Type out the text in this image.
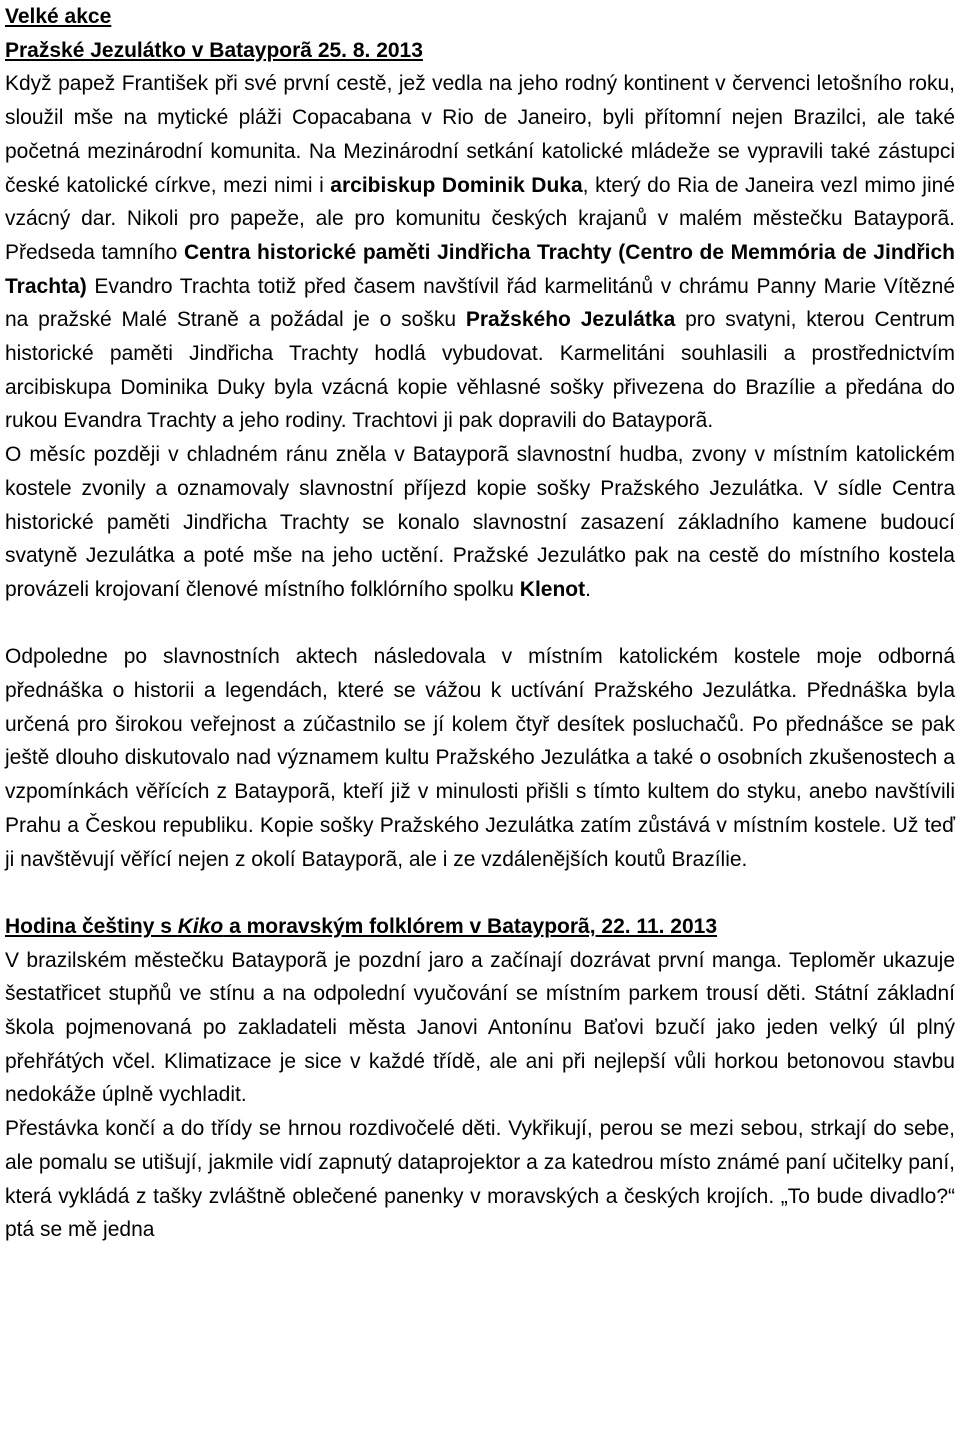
Velké akce
Pražské Jezulátko v Batayporã 25. 8. 2013

Když papež František při své první cestě, jež vedla na jeho rodný kontinent v červenci letošního roku, sloužil mše na mytické pláži Copacabana v Rio de Janeiro, byli přítomní nejen Brazilci, ale také početná mezinárodní komunita. Na Mezinárodní setkání katolické mládeže se vypravili také zástupci české katolické církve, mezi nimi i arcibiskup Dominik Duka, který do Ria de Janeira vezl mimo jiné vzácný dar. Nikoli pro papeže, ale pro komunitu českých krajanů v malém městečku Batayporã. Předseda tamního Centra historické paměti Jindřicha Trachty (Centro de Memmória de Jindřich Trachta) Evandro Trachta totiž před časem navštívil řád karmelitánů v chrámu Panny Marie Vítězné na pražské Malé Straně a požádal je o sošku Pražského Jezulátka pro svatyni, kterou Centrum historické paměti Jindřicha Trachty hodlá vybudovat. Karmelitáni souhlasili a prostřednictvím arcibiskupa Dominika Duky byla vzácná kopie věhlasné sošky přivezena do Brazílie a předána do rukou Evandra Trachty a jeho rodiny. Trachtovi ji pak dopravili do Batayporã.

O měsíc později v chladném ránu zněla v Batayporã slavnostní hudba, zvony v místním katolickém kostele zvonily a oznamovaly slavnostní příjezd kopie sošky Pražského Jezulátka. V sídle Centra historické paměti Jindřicha Trachty se konalo slavnostní zasazení základního kamene budoucí svatyně Jezulátka a poté mše na jeho uctění. Pražské Jezulátko pak na cestě do místního kostela provázeli krojovaní členové místního folklórního spolku Klenot.

Odpoledne po slavnostních aktech následovala v místním katolickém kostele moje odborná přednáška o historii a legendách, které se vážou k uctívání Pražského Jezulátka. Přednáška byla určená pro širokou veřejnost a zúčastnilo se jí kolem čtyř desítek posluchačů. Po přednášce se pak ještě dlouho diskutovalo nad významem kultu Pražského Jezulátka a také o osobních zkušenostech a vzpomínkách věřících z Batayporã, kteří již v minulosti přišli s tímto kultem do styku, anebo navštívili Prahu a Českou republiku. Kopie sošky Pražského Jezulátka zatím zůstává v místním kostele. Už teď ji navštěvují věřící nejen z okolí Batayporã, ale i ze vzdálenějších koutů Brazílie.

Hodina češtiny s Kiko a moravským folklórem v Batayporã, 22. 11. 2013

V brazilském městečku Batayporã je pozdní jaro a začínají dozrávat první manga. Teploměr ukazuje šestatřicet stupňů ve stínu a na odpolední vyučování se místním parkem trousí děti. Státní základní škola pojmenovaná po zakladateli města Janovi Antonínu Baťovi bzučí jako jeden velký úl plný přehřátých včel. Klimatizace je sice v každé třídě, ale ani při nejlepší vůli horkou betonovou stavbu nedokáže úplně vychladit.

Přestávka končí a do třídy se hrnou rozdivočelé děti. Vykřikují, perou se mezi sebou, strkají do sebe, ale pomalu se utišují, jakmile vidí zapnutý dataprojektor a za katedrou místo známé paní učitelky paní, která vykládá z tašky zvláštně oblečené panenky v moravských a českých krojích. „To bude divadlo?“ ptá se mě jedna
